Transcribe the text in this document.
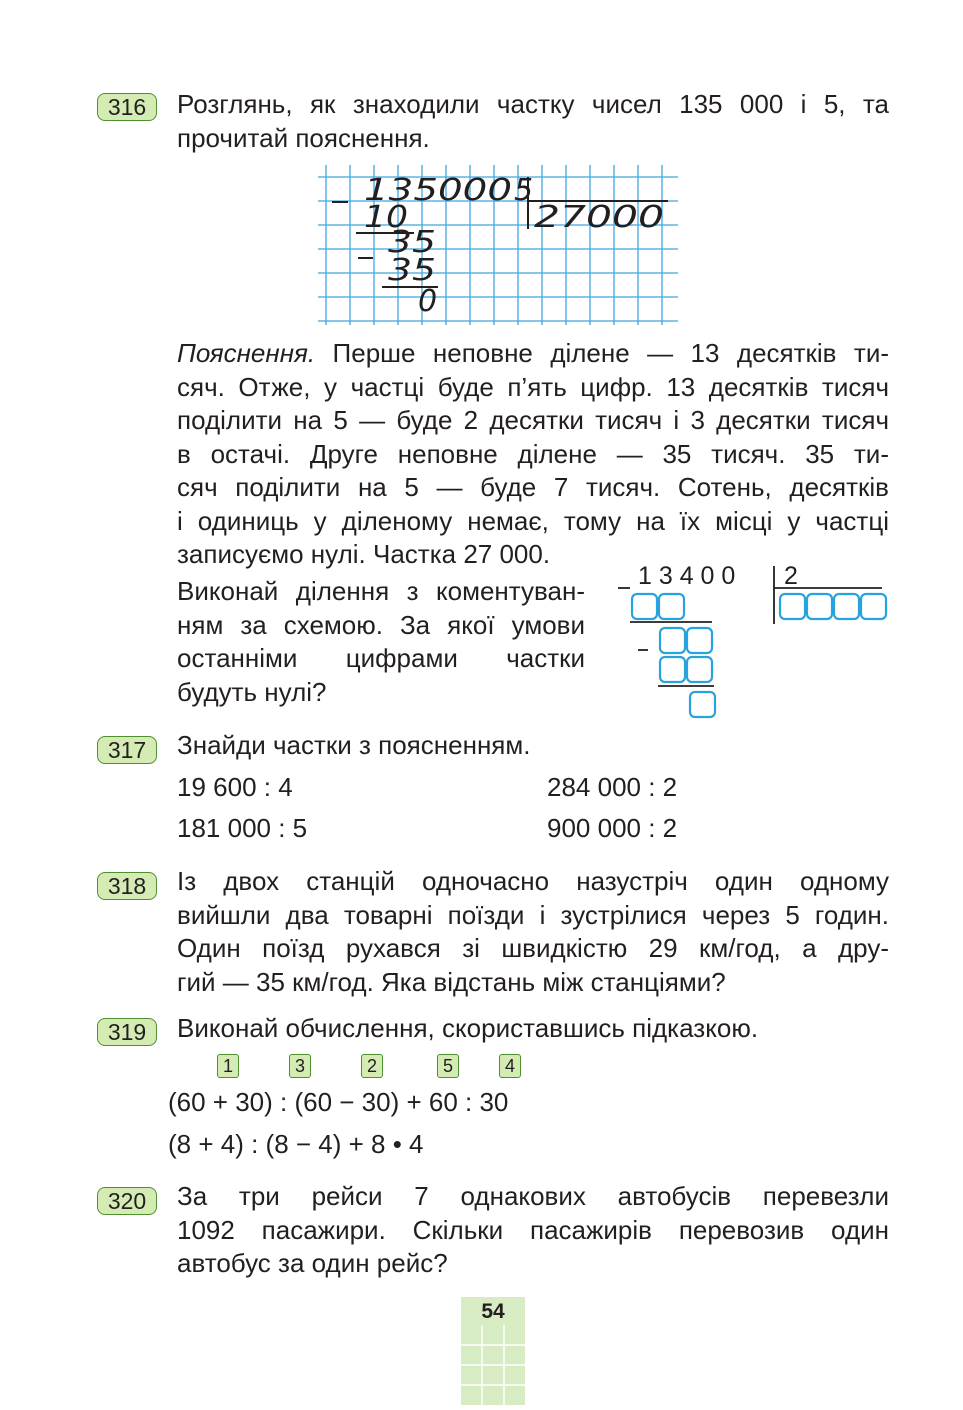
316	Розглянь, як знаходили частку чисел 135 000 і 5, та
прочитай пояснення.
135000 5
10	27000
35
35
0
Пояснення. Перше неповне ділене — 13 десятків ти-
сяч. Отже, у частці буде п’ять цифр. 13 десятків тисяч
поділити на 5 — буде 2 десятки тисяч і 3 десятки тисяч
в остачі. Друге неповне ділене — 35 тисяч. 35 ти-
сяч поділити на 5 — буде 7 тисяч. Сотень, десятків
і одиниць у діленому немає, тому на їх місці у частці
записуємо нулі. Частка 27 000.
Виконай ділення з коментуван-
ням за схемою. За якої умови
останніми цифрами частки
будуть нулі?
1 3 4 0 0 2
317	Знайди частки з поясненням.
19 600 : 4	284 000 : 2
181 000 : 5	900 000 : 2
318	Із двох станцій одночасно назустріч один одному
вийшли два товарні поїзди і зустрілися через 5 годин.
Один поїзд рухався зі швидкістю 29 км/год, а дру-
гий — 35 км/год. Яка відстань між станціями?
319	Виконай обчислення, скориставшись підказкою.
1	3	2	5	4
(60 + 30) : (60 − 30) + 60 : 30
(8 + 4) : (8 − 4) + 8 • 4
320	За три рейси 7 однакових автобусів перевезли
1092 пасажири. Скільки пасажирів перевозив один
автобус за один рейс?
54
